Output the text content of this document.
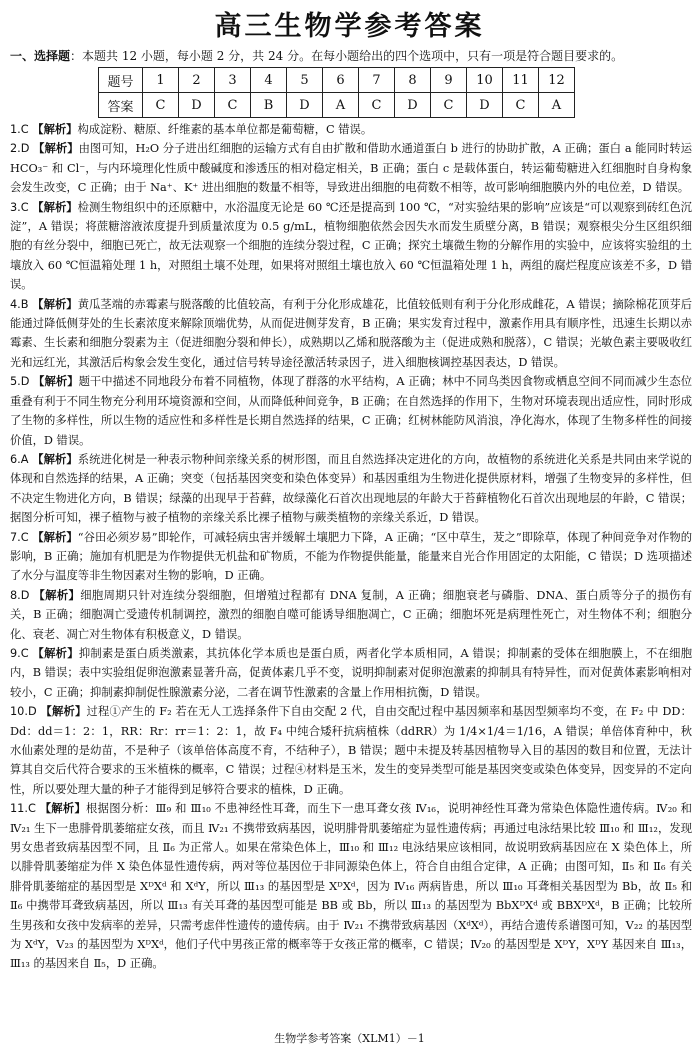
高三生物学参考答案
一、选择题：本题共 12 小题，每小题 2 分，共 24 分。在每小题给出的四个选项中，只有一项是符合题目要求的。
题号	1	2	3	4	5	6	7	8	9	10	11	12
答案	C	D	C	B	D	A	C	D	C	D	C	A

1.C 【解析】构成淀粉、糖原、纤维素的基本单位都是葡萄糖，C 错误。

2.D 【解析】由图可知，H₂O 分子进出红细胞的运输方式有自由扩散和借助水通道蛋白 b 进行的协助扩散，A 正确；蛋白 a 能同时转运 HCO₃⁻ 和 Cl⁻，与内环境理化性质中酸碱度和渗透压的相对稳定相关，B 正确；蛋白 c 是载体蛋白，转运葡萄糖进入红细胞时自身构象会发生改变，C 正确；由于 Na⁺、K⁺ 进出细胞的数量不相等，导致进出细胞的电荷数不相等，故可影响细胞膜内外的电位差，D 错误。

3.C 【解析】检测生物组织中的还原糖中，水浴温度无论是 60 ℃还是提高到 100 ℃，“对实验结果的影响”应该是“可以观察到砖红色沉淀”，A 错误；将蔗糖溶液浓度提升到质量浓度为 0.5 g/mL，植物细胞依然会因失水而发生质壁分离，B 错误；观察根尖分生区组织细胞的有丝分裂中，细胞已死亡，故无法观察一个细胞的连续分裂过程，C 正确；探究土壤微生物的分解作用的实验中，应该将实验组的土壤放入 60 ℃恒温箱处理 1 h，对照组土壤不处理，如果将对照组土壤也放入 60 ℃恒温箱处理 1 h，两组的腐烂程度应该差不多，D 错误。

4.B 【解析】黄瓜茎端的赤霉素与脱落酸的比值较高，有利于分化形成雄花，比值较低则有利于分化形成雌花，A 错误；摘除棉花顶芽后能通过降低侧芽处的生长素浓度来解除顶端优势，从而促进侧芽发育，B 正确；果实发育过程中，激素作用具有顺序性，迅速生长期以赤霉素、生长素和细胞分裂素为主（促进细胞分裂和伸长），成熟期以乙烯和脱落酸为主（促进成熟和脱落），C 错误；光敏色素主要吸收红光和远红光，其激活后构象会发生变化，通过信号转导途径激活转录因子，进入细胞核调控基因表达，D 错误。

5.D 【解析】题干中描述不同地段分布着不同植物，体现了群落的水平结构，A 正确；林中不同鸟类因食物或栖息空间不同而减少生态位重叠有利于不同生物充分利用环境资源和空间，从而降低种间竞争，B 正确；在自然选择的作用下，生物对环境表现出适应性，同时形成了生物的多样性，所以生物的适应性和多样性是长期自然选择的结果，C 正确；红树林能防风消浪，净化海水，体现了生物多样性的间接价值，D 错误。

6.A 【解析】系统进化树是一种表示物种间亲缘关系的树形图，而且自然选择决定进化的方向，故植物的系统进化关系是共同由来学说的体现和自然选择的结果，A 正确；突变（包括基因突变和染色体变异）和基因重组为生物进化提供原材料，增强了生物变异的多样性，但不决定生物进化方向，B 错误；绿藻的出现早于苔藓，故绿藻化石首次出现地层的年龄大于苔藓植物化石首次出现地层的年龄，C 错误；据图分析可知，裸子植物与被子植物的亲缘关系比裸子植物与蕨类植物的亲缘关系近，D 错误。

7.C 【解析】“谷田必须岁易”即轮作，可减轻病虫害并缓解土壤肥力下降，A 正确；“区中草生，茇之”即除草，体现了种间竞争对作物的影响，B 正确；施加有机肥是为作物提供无机盐和矿物质，不能为作物提供能量，能量来自光合作用固定的太阳能，C 错误；D 选项描述了水分与温度等非生物因素对生物的影响，D 正确。

8.D 【解析】细胞周期只针对连续分裂细胞，但增殖过程都有 DNA 复制，A 正确；细胞衰老与磷脂、DNA、蛋白质等分子的损伤有关，B 正确；细胞凋亡受遗传机制调控，激烈的细胞自噬可能诱导细胞凋亡，C 正确；细胞坏死是病理性死亡，对生物体不利；细胞分化、衰老、凋亡对生物体有积极意义，D 错误。

9.C 【解析】抑制素是蛋白质类激素，其抗体化学本质也是蛋白质，两者化学本质相同，A 错误；抑制素的受体在细胞膜上，不在细胞内，B 错误；表中实验组促卵泡激素显著升高，促黄体素几乎不变，说明抑制素对促卵泡激素的抑制具有特异性，而对促黄体素影响相对较小，C 正确；抑制素抑制促性腺激素分泌，二者在调节性激素的含量上作用相抗衡，D 错误。

10.D 【解析】过程①产生的 F₂ 若在无人工选择条件下自由交配 2 代，自由交配过程中基因频率和基因型频率均不变，在 F₂ 中 DD：Dd：dd＝1：2：1，RR：Rr：rr＝1：2：1，故 F₄ 中纯合矮秆抗病植株（ddRR）为 1/4×1/4＝1/16，A 错误；单倍体育种中，秋水仙素处理的是幼苗，不是种子（该单倍体高度不育，不结种子），B 错误；题中未提及转基因植物导入目的基因的数目和位置，无法计算其自交后代符合要求的玉米植株的概率，C 错误；过程④材料是玉米，发生的变异类型可能是基因突变或染色体变异，因变异的不定向性，所以要处理大量的种子才能得到足够符合要求的植株，D 正确。

11.C 【解析】根据图分析：Ⅲ₉ 和 Ⅲ₁₀ 不患神经性耳聋，而生下一患耳聋女孩 Ⅳ₁₆，说明神经性耳聋为常染色体隐性遗传病。Ⅳ₂₀ 和 Ⅳ₂₁ 生下一患腓骨肌萎缩症女孩，而且 Ⅳ₂₁ 不携带致病基因，说明腓骨肌萎缩症为显性遗传病；再通过电泳结果比较 Ⅲ₁₀ 和 Ⅲ₁₂，发现男女患者致病基因型不同，且 Ⅱ₆ 为正常人。如果在常染色体上，Ⅲ₁₀ 和 Ⅲ₁₂ 电泳结果应该相同，故说明致病基因应在 X 染色体上，所以腓骨肌萎缩症为伴 X 染色体显性遗传病，两对等位基因位于非同源染色体上，符合自由组合定律，A 正确；由图可知，Ⅱ₅ 和 Ⅱ₆ 有关腓骨肌萎缩症的基因型是 XᴰXᵈ 和 XᵈY，所以 Ⅲ₁₃ 的基因型是 XᴰXᵈ，因为 Ⅳ₁₆ 两病皆患，所以 Ⅲ₁₀ 耳聋相关基因型为 Bb，故 Ⅱ₅ 和 Ⅱ₆ 中携带耳聋致病基因，所以 Ⅲ₁₃ 有关耳聋的基因型可能是 BB 或 Bb，所以 Ⅲ₁₃ 的基因型为 BbXᴰXᵈ 或 BBXᴰXᵈ，B 正确；比较所生男孩和女孩中发病率的差异，只需考虑伴性遗传的遗传病。由于 Ⅳ₂₁ 不携带致病基因（XᵈXᵈ），再结合遗传系谱图可知，Ⅴ₂₂ 的基因型为 XᵈY，Ⅴ₂₃ 的基因型为 XᴰXᵈ，他们子代中男孩正常的概率等于女孩正常的概率，C 错误；Ⅳ₂₀ 的基因型是 XᴰY，XᴰY 基因来自 Ⅲ₁₃，Ⅲ₁₃ 的基因来自 Ⅱ₅，D 正确。

生物学参考答案（XLM1）－1
